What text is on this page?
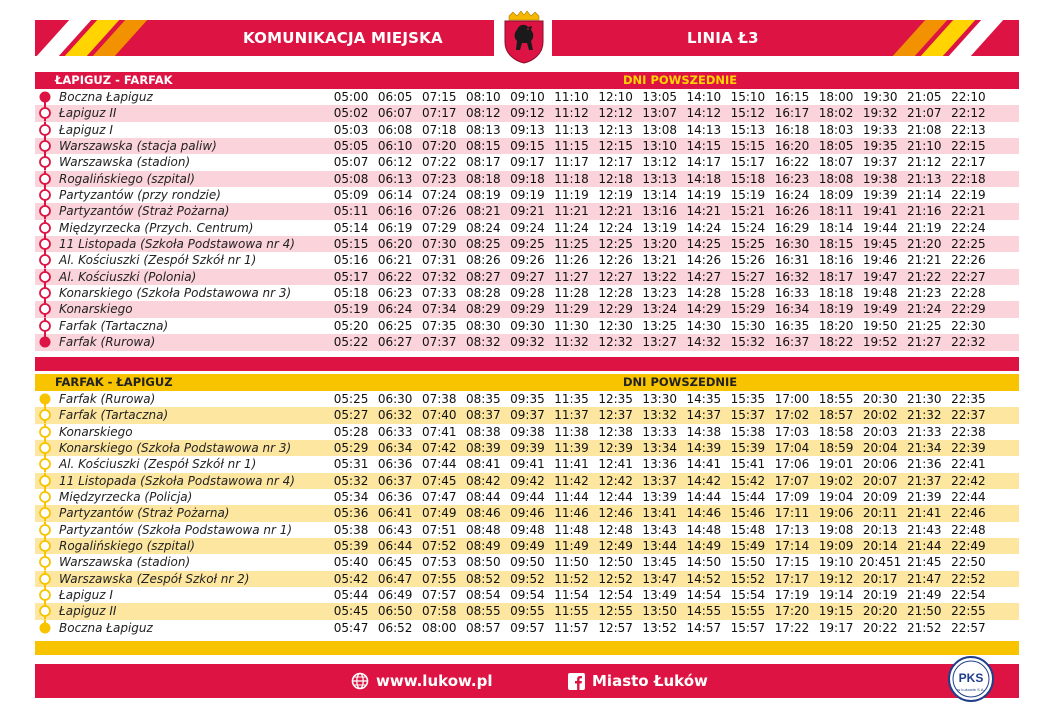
KOMUNIKACJA MIEJSKA	LINIA Ł3
ŁAPIGUZ - FARFAK	DNI POWSZEDNIE
Boczna Łapiguz	05:00 06:05 07:15 08:10 09:10 11:10 12:10 13:05 14:10 15:10 16:15 18:00 19:30 21:05 22:10
Łapiguz II	05:02 06:07 07:17 08:12 09:12 11:12 12:12 13:07 14:12 15:12 16:17 18:02 19:32 21:07 22:12
Łapiguz I	05:03 06:08 07:18 08:13 09:13 11:13 12:13 13:08 14:13 15:13 16:18 18:03 19:33 21:08 22:13
Warszawska (stacja paliw)	05:05 06:10 07:20 08:15 09:15 11:15 12:15 13:10 14:15 15:15 16:20 18:05 19:35 21:10 22:15
Warszawska (stadion)	05:07 06:12 07:22 08:17 09:17 11:17 12:17 13:12 14:17 15:17 16:22 18:07 19:37 21:12 22:17
Rogalińskiego (szpital)	05:08 06:13 07:23 08:18 09:18 11:18 12:18 13:13 14:18 15:18 16:23 18:08 19:38 21:13 22:18
Partyzantów (przy rondzie)	05:09 06:14 07:24 08:19 09:19 11:19 12:19 13:14 14:19 15:19 16:24 18:09 19:39 21:14 22:19
Partyzantów (Straż Pożarna)	05:11 06:16 07:26 08:21 09:21 11:21 12:21 13:16 14:21 15:21 16:26 18:11 19:41 21:16 22:21
Międzyrzecka (Przych. Centrum)	05:14 06:19 07:29 08:24 09:24 11:24 12:24 13:19 14:24 15:24 16:29 18:14 19:44 21:19 22:24
11 Listopada (Szkoła Podstawowa nr 4)	05:15 06:20 07:30 08:25 09:25 11:25 12:25 13:20 14:25 15:25 16:30 18:15 19:45 21:20 22:25
Al. Kościuszki (Zespół Szkół nr 1)	05:16 06:21 07:31 08:26 09:26 11:26 12:26 13:21 14:26 15:26 16:31 18:16 19:46 21:21 22:26
Al. Kościuszki (Polonia)	05:17 06:22 07:32 08:27 09:27 11:27 12:27 13:22 14:27 15:27 16:32 18:17 19:47 21:22 22:27
Konarskiego (Szkoła Podstawowa nr 3)	05:18 06:23 07:33 08:28 09:28 11:28 12:28 13:23 14:28 15:28 16:33 18:18 19:48 21:23 22:28
Konarskiego	05:19 06:24 07:34 08:29 09:29 11:29 12:29 13:24 14:29 15:29 16:34 18:19 19:49 21:24 22:29
Farfak (Tartaczna)	05:20 06:25 07:35 08:30 09:30 11:30 12:30 13:25 14:30 15:30 16:35 18:20 19:50 21:25 22:30
Farfak (Rurowa)	05:22 06:27 07:37 08:32 09:32 11:32 12:32 13:27 14:32 15:32 16:37 18:22 19:52 21:27 22:32
FARFAK - ŁAPIGUZ	DNI POWSZEDNIE
Farfak (Rurowa)	05:25 06:30 07:38 08:35 09:35 11:35 12:35 13:30 14:35 15:35 17:00 18:55 20:30 21:30 22:35
Farfak (Tartaczna)	05:27 06:32 07:40 08:37 09:37 11:37 12:37 13:32 14:37 15:37 17:02 18:57 20:02 21:32 22:37
Konarskiego	05:28 06:33 07:41 08:38 09:38 11:38 12:38 13:33 14:38 15:38 17:03 18:58 20:03 21:33 22:38
Konarskiego (Szkoła Podstawowa nr 3)	05:29 06:34 07:42 08:39 09:39 11:39 12:39 13:34 14:39 15:39 17:04 18:59 20:04 21:34 22:39
Al. Kościuszki (Zespół Szkół nr 1)	05:31 06:36 07:44 08:41 09:41 11:41 12:41 13:36 14:41 15:41 17:06 19:01 20:06 21:36 22:41
11 Listopada (Szkoła Podstawowa nr 4)	05:32 06:37 07:45 08:42 09:42 11:42 12:42 13:37 14:42 15:42 17:07 19:02 20:07 21:37 22:42
Międzyrzecka (Policja)	05:34 06:36 07:47 08:44 09:44 11:44 12:44 13:39 14:44 15:44 17:09 19:04 20:09 21:39 22:44
Partyzantów (Straż Pożarna)	05:36 06:41 07:49 08:46 09:46 11:46 12:46 13:41 14:46 15:46 17:11 19:06 20:11 21:41 22:46
Partyzantów (Szkoła Podstawowa nr 1)	05:38 06:43 07:51 08:48 09:48 11:48 12:48 13:43 14:48 15:48 17:13 19:08 20:13 21:43 22:48
Rogalińskiego (szpital)	05:39 06:44 07:52 08:49 09:49 11:49 12:49 13:44 14:49 15:49 17:14 19:09 20:14 21:44 22:49
Warszawska (stadion)	05:40 06:45 07:53 08:50 09:50 11:50 12:50 13:45 14:50 15:50 17:15 19:10 20:451 21:45 22:50
Warszawska (Zespół Szkoł nr 2)	05:42 06:47 07:55 08:52 09:52 11:52 12:52 13:47 14:52 15:52 17:17 19:12 20:17 21:47 22:52
Łapiguz I	05:44 06:49 07:57 08:54 09:54 11:54 12:54 13:49 14:54 15:54 17:19 19:14 20:19 21:49 22:54
Łapiguz II	05:45 06:50 07:58 08:55 09:55 11:55 12:55 13:50 14:55 15:55 17:20 19:15 20:20 21:50 22:55
Boczna Łapiguz	05:47 06:52 08:00 08:57 09:57 11:57 12:57 13:52 14:57 15:57 17:22 19:17 20:22 21:52 22:57
www.lukow.pl	Miasto Łuków	PKS
w Łukowie S.A.
